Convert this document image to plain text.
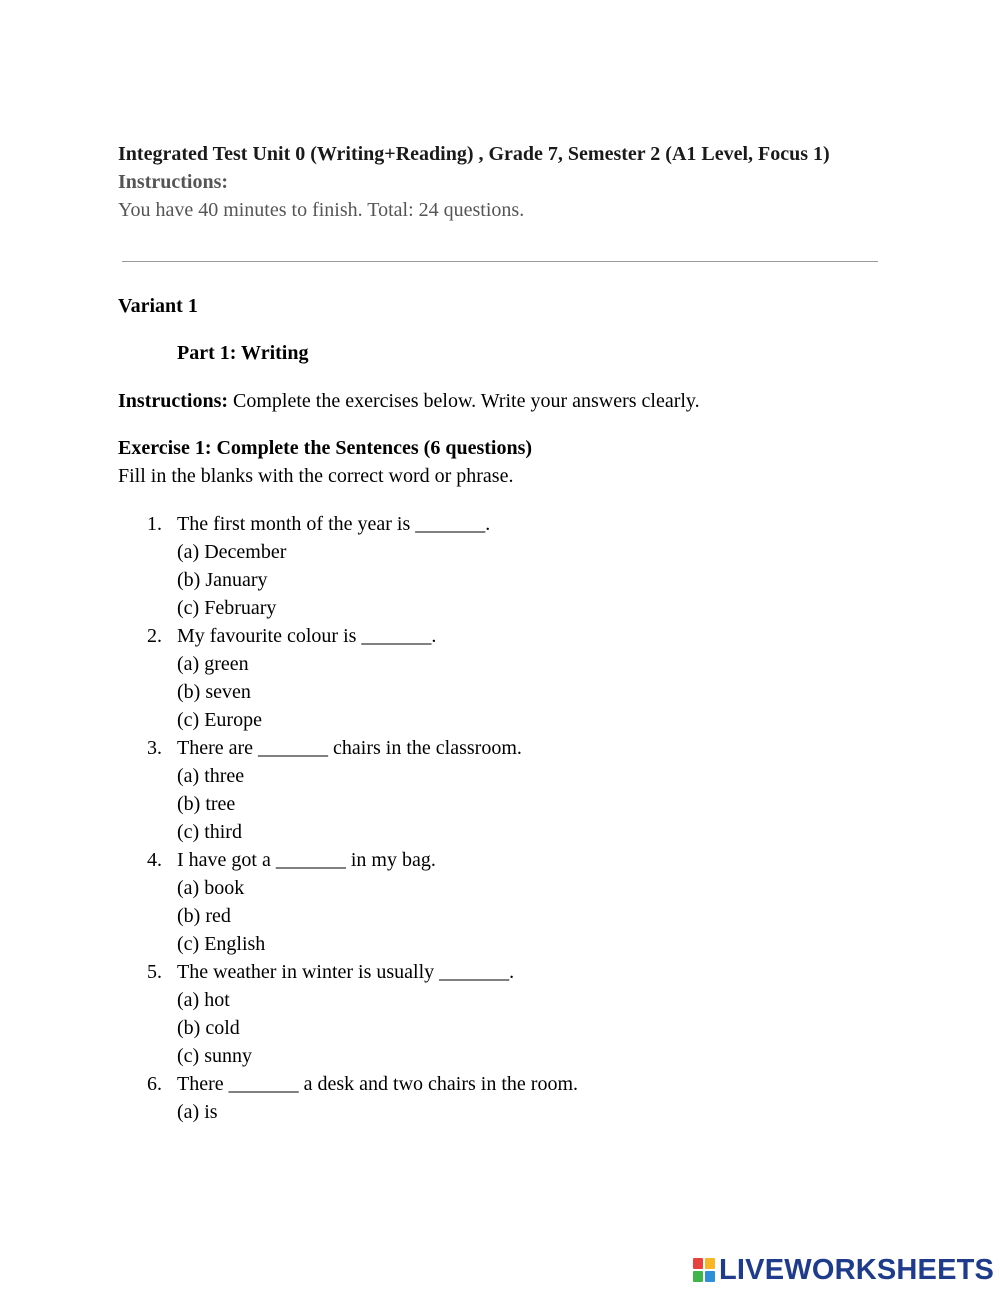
Integrated Test Unit 0 (Writing+Reading) , Grade 7, Semester 2 (A1 Level, Focus 1)
Instructions:
You have 40 minutes to finish. Total: 24 questions.
Variant 1
Part 1: Writing
Instructions: Complete the exercises below. Write your answers clearly.
Exercise 1: Complete the Sentences (6 questions)
Fill in the blanks with the correct word or phrase.
1. The first month of the year is _______.
(a) December
(b) January
(c) February
2. My favourite colour is _______.
(a) green
(b) seven
(c) Europe
3. There are _______ chairs in the classroom.
(a) three
(b) tree
(c) third
4. I have got a _______ in my bag.
(a) book
(b) red
(c) English
5. The weather in winter is usually _______.
(a) hot
(b) cold
(c) sunny
6. There _______ a desk and two chairs in the room.
(a) is
LIVEWORKSHEETS
